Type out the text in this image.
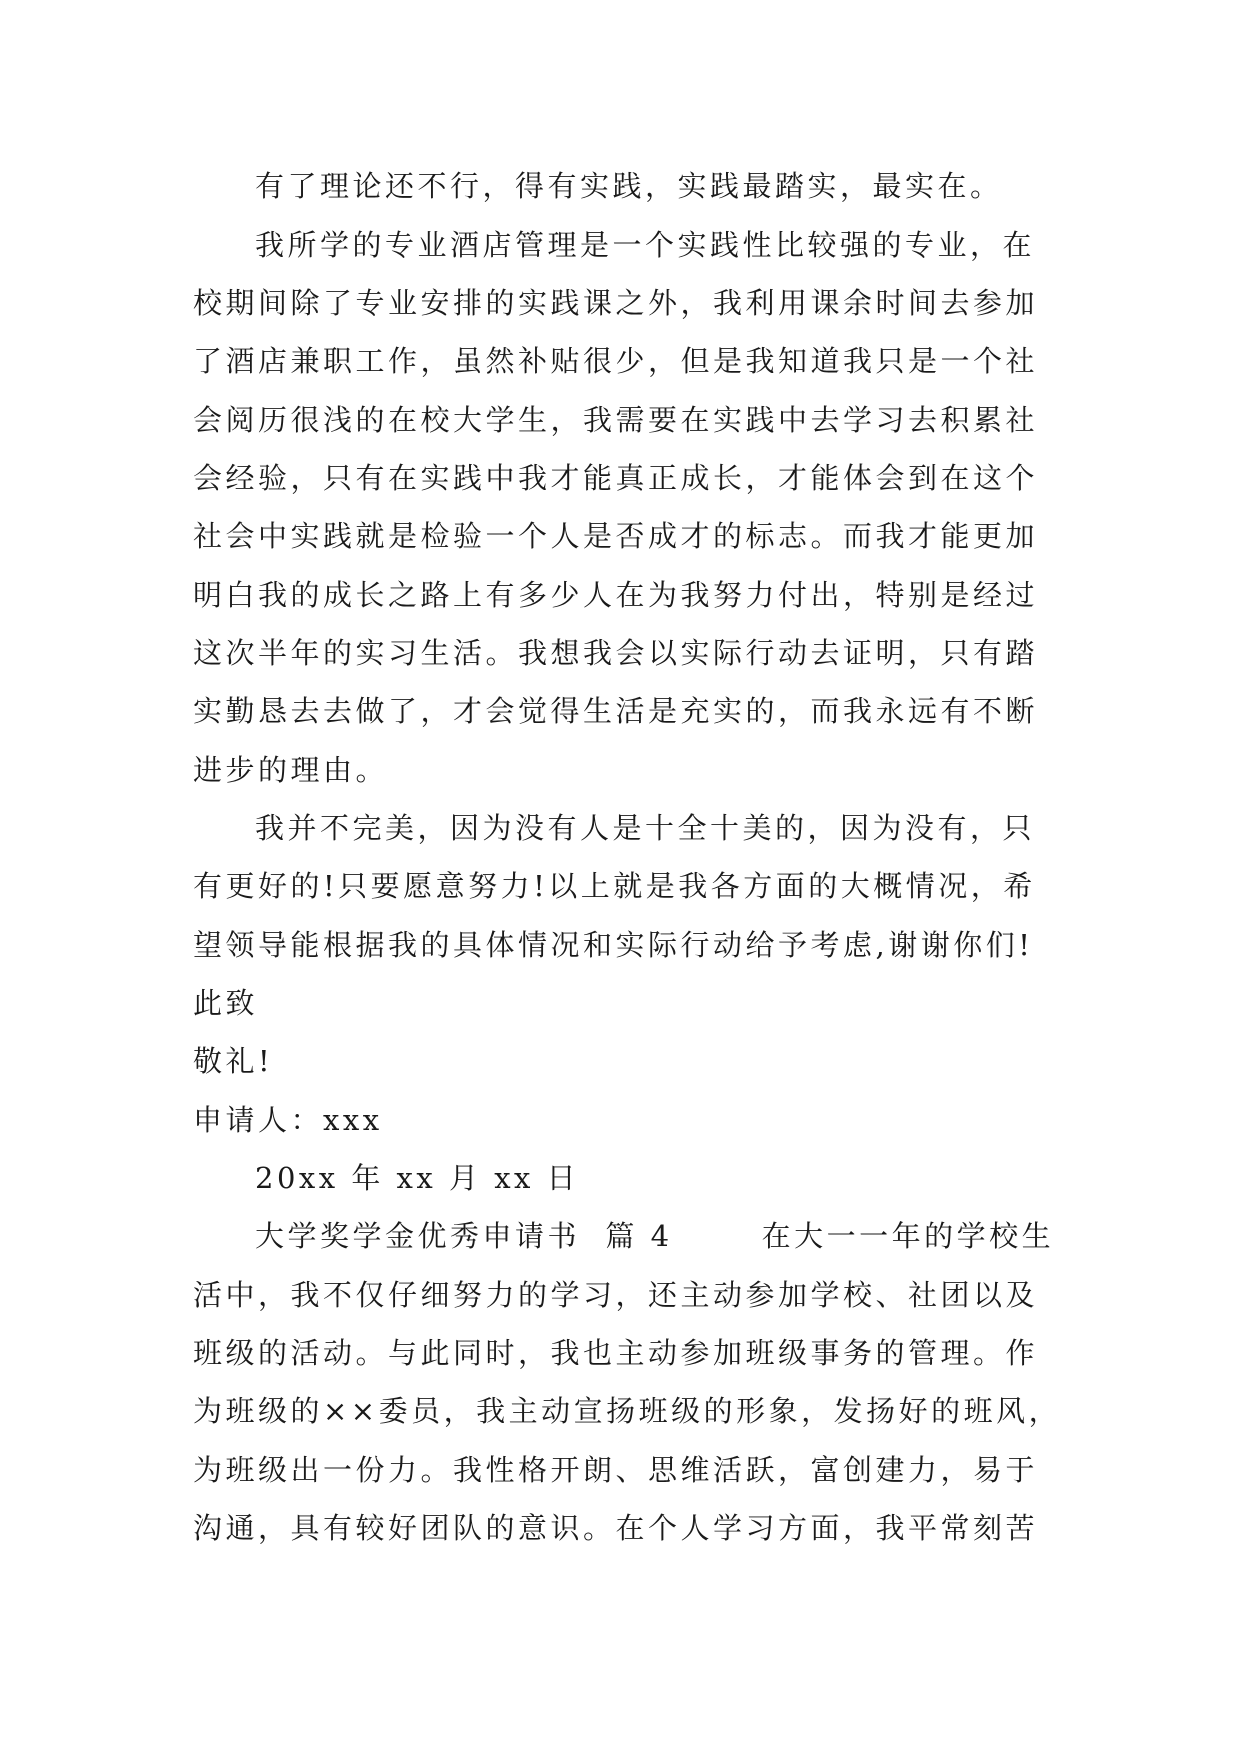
有了理论还不行，得有实践，实践最踏实，最实在。
我所学的专业酒店管理是一个实践性比较强的专业，在
校期间除了专业安排的实践课之外，我利用课余时间去参加
了酒店兼职工作，虽然补贴很少，但是我知道我只是一个社
会阅历很浅的在校大学生，我需要在实践中去学习去积累社
会经验，只有在实践中我才能真正成长，才能体会到在这个
社会中实践就是检验一个人是否成才的标志。而我才能更加
明白我的成长之路上有多少人在为我努力付出，特别是经过
这次半年的实习生活。我想我会以实际行动去证明，只有踏
实勤恳去去做了，才会觉得生活是充实的，而我永远有不断
进步的理由。
我并不完美，因为没有人是十全十美的，因为没有，只
有更好的!只要愿意努力!以上就是我各方面的大概情况，希
望领导能根据我的具体情况和实际行动给予考虑,谢谢你们!
此致
敬礼!
申请人：xxx
20xx 年 xx 月 xx 日
大学奖学金优秀申请书  篇 4       在大一一年的学校生
活中，我不仅仔细努力的学习，还主动参加学校、社团以及
班级的活动。与此同时，我也主动参加班级事务的管理。作
为班级的××委员，我主动宣扬班级的形象，发扬好的班风，
为班级出一份力。我性格开朗、思维活跃，富创建力，易于
沟通，具有较好团队的意识。在个人学习方面，我平常刻苦
